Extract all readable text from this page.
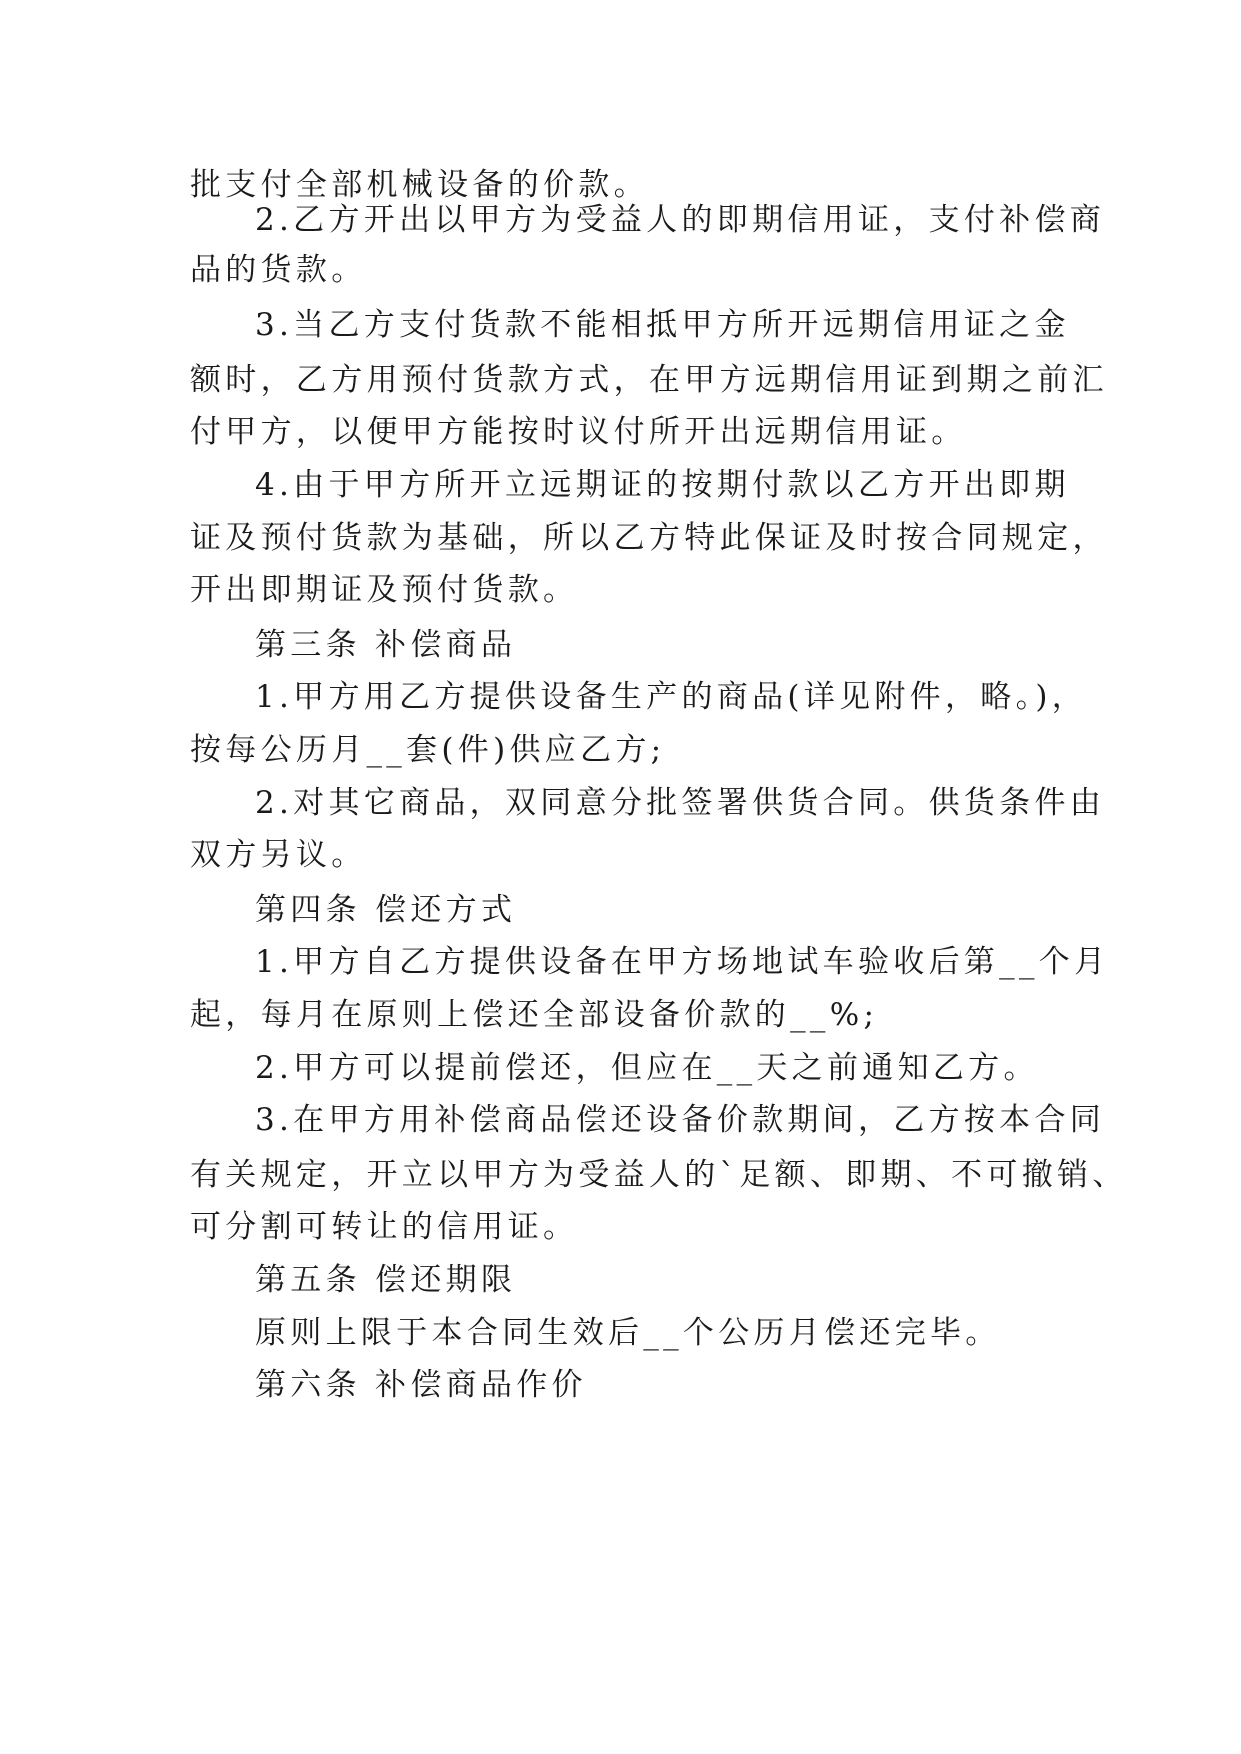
批支付全部机械设备的价款。
2.乙方开出以甲方为受益人的即期信用证，支付补偿商
品的货款。
3.当乙方支付货款不能相抵甲方所开远期信用证之金
额时，乙方用预付货款方式，在甲方远期信用证到期之前汇
付甲方，以便甲方能按时议付所开出远期信用证。
4.由于甲方所开立远期证的按期付款以乙方开出即期
证及预付货款为基础，所以乙方特此保证及时按合同规定，
开出即期证及预付货款。
第三条 补偿商品
1.甲方用乙方提供设备生产的商品(详见附件，略。)，
按每公历月__套(件)供应乙方;
2.对其它商品，双同意分批签署供货合同。供货条件由
双方另议。
第四条 偿还方式
1.甲方自乙方提供设备在甲方场地试车验收后第__个月
起，每月在原则上偿还全部设备价款的__%;
2.甲方可以提前偿还，但应在__天之前通知乙方。
3.在甲方用补偿商品偿还设备价款期间，乙方按本合同
有关规定，开立以甲方为受益人的`足额、即期、不可撤销、
可分割可转让的信用证。
第五条 偿还期限
原则上限于本合同生效后__个公历月偿还完毕。
第六条 补偿商品作价
